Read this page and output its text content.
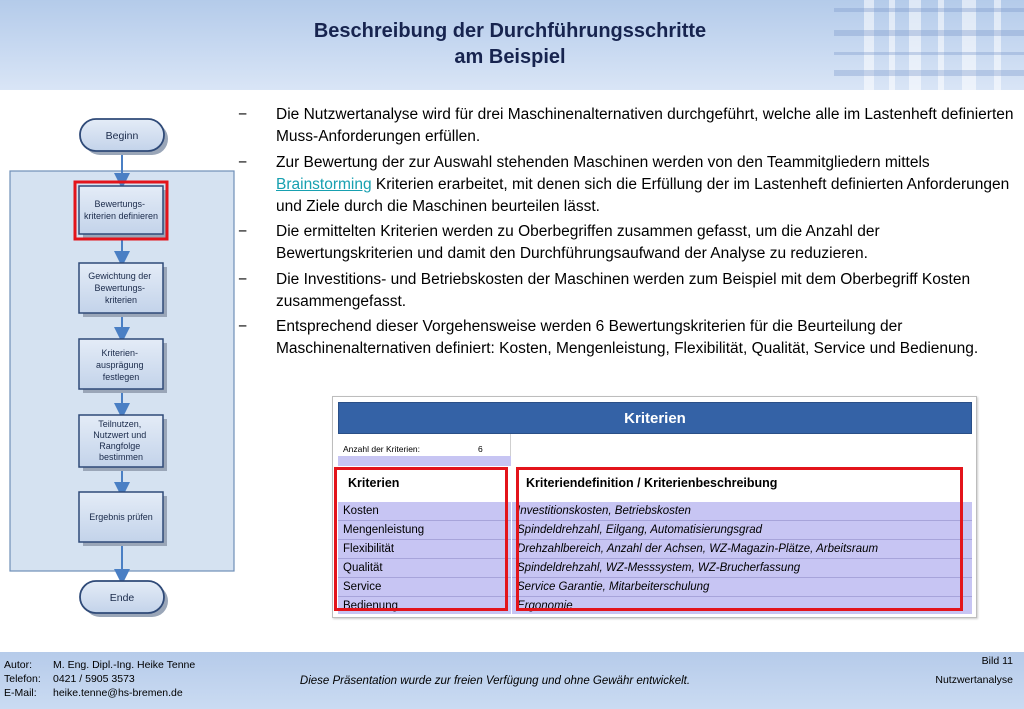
Beschreibung der Durchführungsschritte
am Beispiel
Beginn
Bewertungs- kriterien definieren
Gewichtung der Bewertungs- kriterien
Kriterien- ausprägung festlegen
Teilnutzen, Nutzwert und Rangfolge bestimmen
Ergebnis prüfen
Ende
− Die Nutzwertanalyse wird für drei Maschinenalternativen durchgeführt, welche alle im Lastenheft definierten Muss-Anforderungen erfüllen.
− Zur Bewertung der zur Auswahl stehenden Maschinen werden von den Teammitgliedern mittels Brainstorming Kriterien erarbeitet, mit denen sich die Erfüllung der im Lastenheft definierten Anforderungen und Ziele durch die Maschinen beurteilen lässt.
− Die ermittelten Kriterien werden zu Oberbegriffen zusammen gefasst, um die Anzahl der Bewertungskriterien und damit den Durchführungsaufwand der Analyse zu reduzieren.
− Die Investitions- und Betriebskosten der Maschinen werden zum Beispiel mit dem Oberbegriff Kosten zusammengefasst.
− Entsprechend dieser Vorgehensweise werden 6 Bewertungskriterien für die Beurteilung der Maschinenalternativen definiert: Kosten, Mengenleistung, Flexibilität, Qualität, Service und Bedienung.
Kriterien
Anzahl der Kriterien:	6
Kriterien	Kriteriendefinition / Kriterienbeschreibung
Kosten	Investitionskosten, Betriebskosten
Mengenleistung	Spindeldrehzahl, Eilgang, Automatisierungsgrad
Flexibilität	Drehzahlbereich, Anzahl der Achsen, WZ-Magazin-Plätze, Arbeitsraum
Qualität	Spindeldrehzahl, WZ-Messsystem, WZ-Brucherfassung
Service	Service Garantie, Mitarbeiterschulung
Bedienung	Ergonomie
Autor: M. Eng. Dipl.-Ing. Heike Tenne
Telefon: 0421 / 5905 3573
E-Mail: heike.tenne@hs-bremen.de
Diese Präsentation wurde zur freien Verfügung und ohne Gewähr entwickelt.
Bild 11
Nutzwertanalyse
